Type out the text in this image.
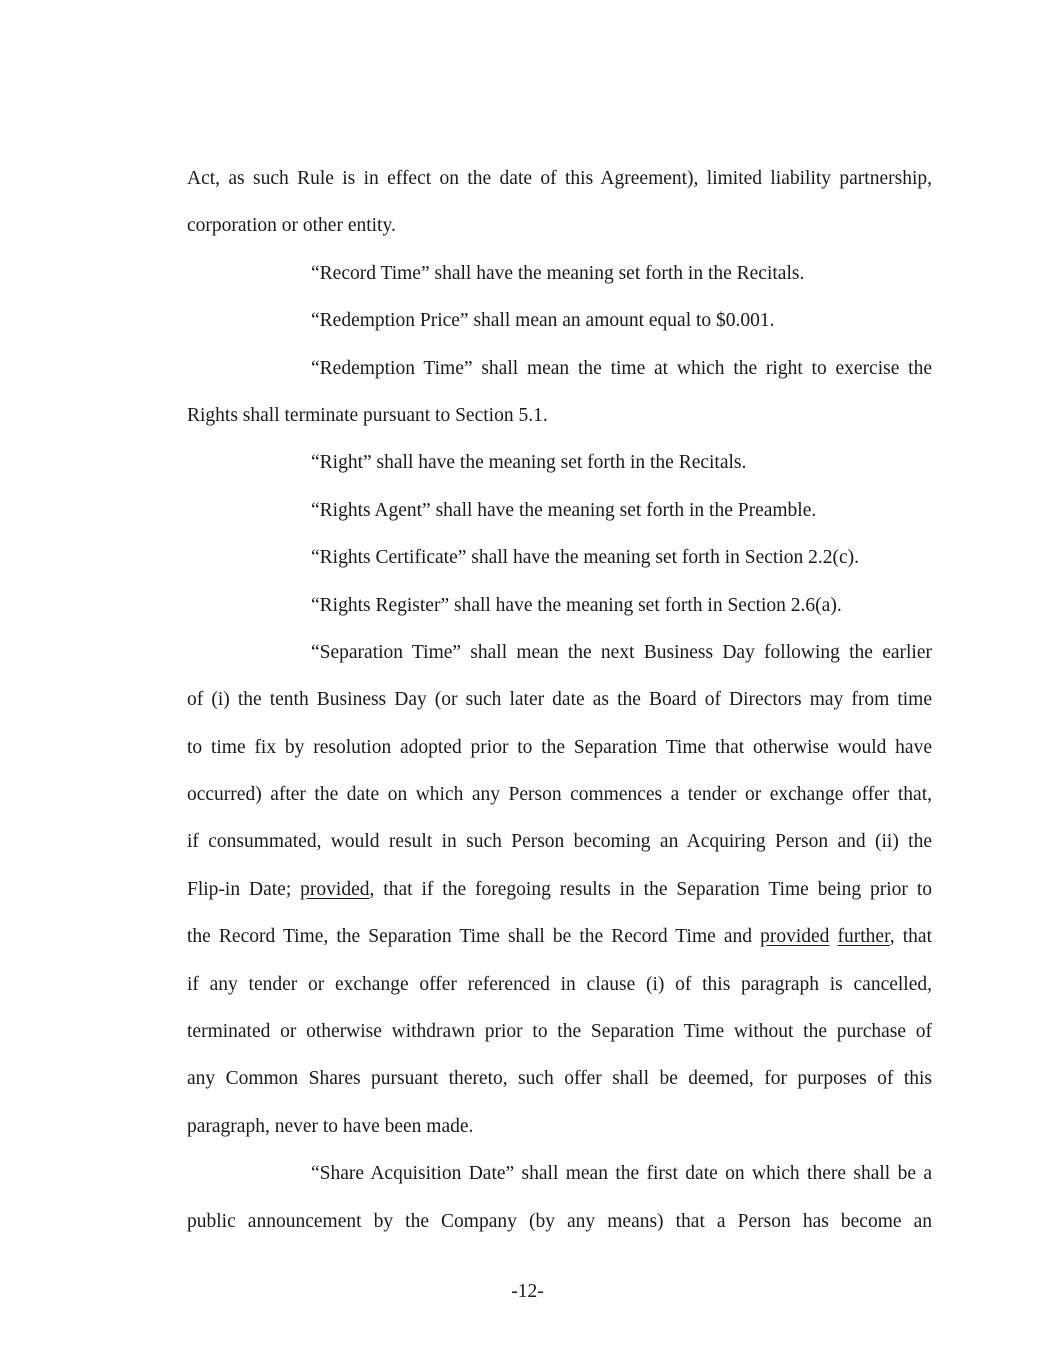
Act, as such Rule is in effect on the date of this Agreement), limited liability partnership,
corporation or other entity.
“Record Time” shall have the meaning set forth in the Recitals.
“Redemption Price” shall mean an amount equal to $0.001.
“Redemption Time” shall mean the time at which the right to exercise the
Rights shall terminate pursuant to Section 5.1.
“Right” shall have the meaning set forth in the Recitals.
“Rights Agent” shall have the meaning set forth in the Preamble.
“Rights Certificate” shall have the meaning set forth in Section 2.2(c).
“Rights Register” shall have the meaning set forth in Section 2.6(a).
“Separation Time” shall mean the next Business Day following the earlier
of (i) the tenth Business Day (or such later date as the Board of Directors may from time
to time fix by resolution adopted prior to the Separation Time that otherwise would have
occurred) after the date on which any Person commences a tender or exchange offer that,
if consummated, would result in such Person becoming an Acquiring Person and (ii) the
Flip-in Date; provided, that if the foregoing results in the Separation Time being prior to
the Record Time, the Separation Time shall be the Record Time and provided further, that
if any tender or exchange offer referenced in clause (i) of this paragraph is cancelled,
terminated or otherwise withdrawn prior to the Separation Time without the purchase of
any Common Shares pursuant thereto, such offer shall be deemed, for purposes of this
paragraph, never to have been made.
“Share Acquisition Date” shall mean the first date on which there shall be a
public announcement by the Company (by any means) that a Person has become an
-12-
